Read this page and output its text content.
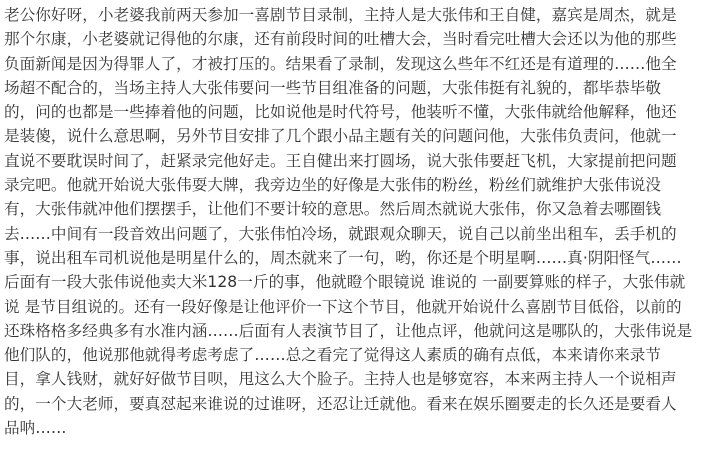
老公你好呀，小老婆我前两天参加一喜剧节目录制，主持人是大张伟和王自健，嘉宾是周杰，就是
那个尔康，小老婆就记得他的尔康，还有前段时间的吐槽大会，当时看完吐槽大会还以为他的那些
负面新闻是因为得罪人了，才被打压的。结果看了录制，发现这么些年不红还是有道理的……他全
场超不配合的，当场主持人大张伟要问一些节目组准备的问题，大张伟挺有礼貌的，都毕恭毕敬
的，问的也都是一些捧着他的问题，比如说他是时代符号，他装听不懂，大张伟就给他解释，他还
是装傻，说什么意思啊，另外节目安排了几个跟小品主题有关的问题问他，大张伟负责问，他就一
直说不要耽误时间了，赶紧录完他好走。王自健出来打圆场，说大张伟要赶飞机，大家提前把问题
录完吧。他就开始说大张伟耍大牌，我旁边坐的好像是大张伟的粉丝，粉丝们就维护大张伟说没
有，大张伟就冲他们摆摆手，让他们不要计较的意思。然后周杰就说大张伟，你又急着去哪圈钱
去……中间有一段音效出问题了，大张伟怕冷场，就跟观众聊天，说自己以前坐出租车，丢手机的
事，说出租车司机说他是明星什么的，周杰就来了一句，哟，你还是个明星啊……真·阴阳怪气……
后面有一段大张伟说他卖大米128一斤的事，他就瞪个眼镜说 谁说的 一副要算账的样子，大张伟就
说 是节目组说的。还有一段好像是让他评价一下这个节目，他就开始说什么喜剧节目低俗，以前的
还珠格格多经典多有水准内涵……后面有人表演节目了，让他点评，他就问这是哪队的，大张伟说是
他们队的，他说那他就得考虑考虑了……总之看完了觉得这人素质的确有点低，本来请你来录节
目，拿人钱财，就好好做节目呗，甩这么大个脸子。主持人也是够宽容，本来两主持人一个说相声
的，一个大老师，要真怼起来谁说的过谁呀，还忍让迁就他。看来在娱乐圈要走的长久还是要看人
品呐……
